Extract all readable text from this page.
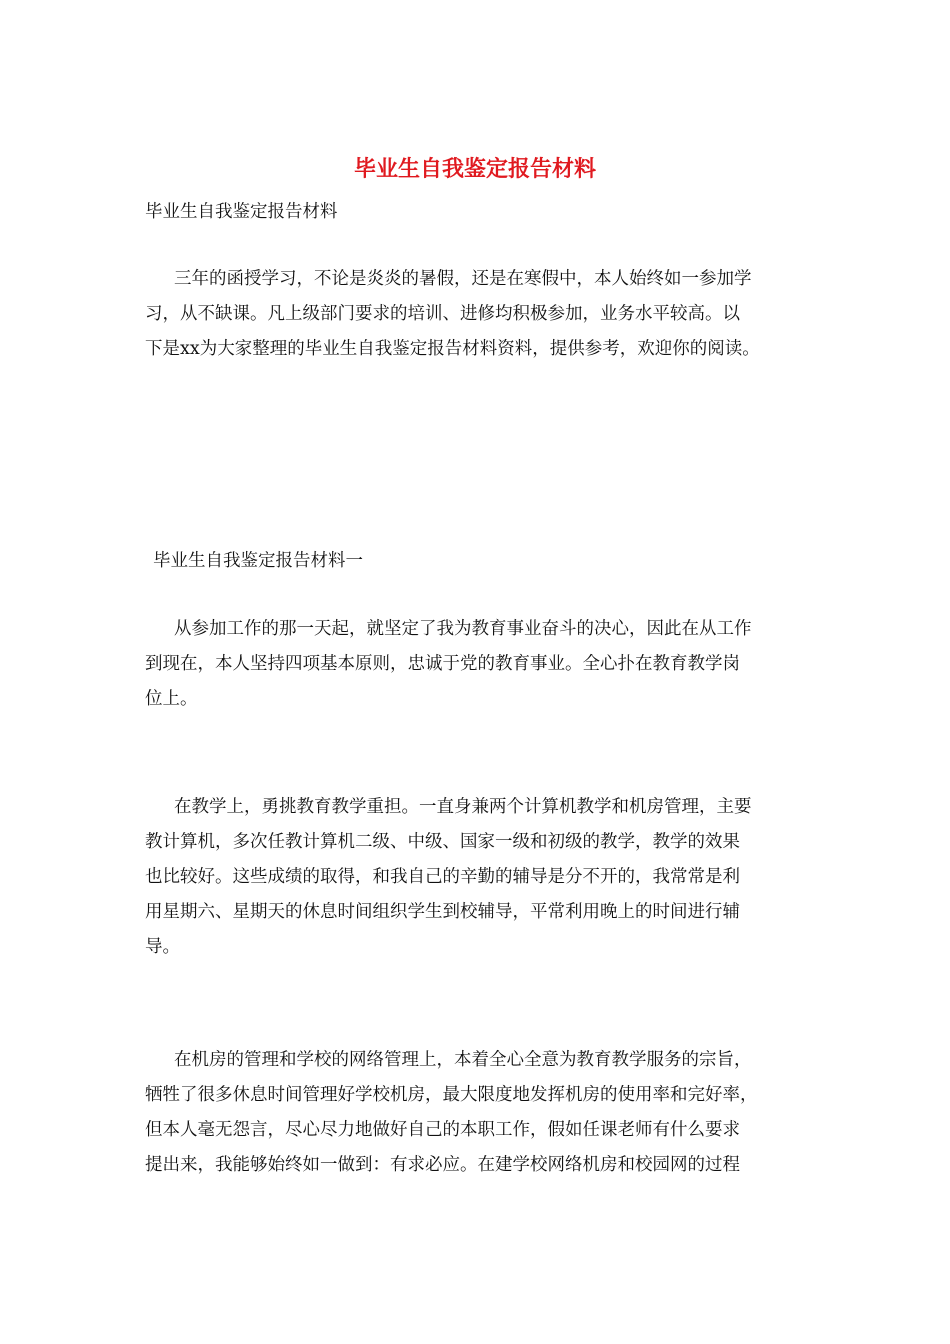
毕业生自我鉴定报告材料

毕业生自我鉴定报告材料

三年的函授学习，不论是炎炎的暑假，还是在寒假中，本人始终如一参加学
习，从不缺课。凡上级部门要求的培训、进修均积极参加，业务水平较高。以
下是xx为大家整理的毕业生自我鉴定报告材料资料，提供参考，欢迎你的阅读。

毕业生自我鉴定报告材料一

从参加工作的那一天起，就坚定了我为教育事业奋斗的决心，因此在从工作
到现在，本人坚持四项基本原则，忠诚于党的教育事业。全心扑在教育教学岗
位上。
在教学上，勇挑教育教学重担。一直身兼两个计算机教学和机房管理，主要
教计算机，多次任教计算机二级、中级、国家一级和初级的教学，教学的效果
也比较好。这些成绩的取得，和我自己的辛勤的辅导是分不开的，我常常是利
用星期六、星期天的休息时间组织学生到校辅导，平常利用晚上的时间进行辅
导。
在机房的管理和学校的网络管理上，本着全心全意为教育教学服务的宗旨，
牺牲了很多休息时间管理好学校机房，最大限度地发挥机房的使用率和完好率，
但本人毫无怨言，尽心尽力地做好自己的本职工作，假如任课老师有什么要求
提出来，我能够始终如一做到：有求必应。在建学校网络机房和校园网的过程
